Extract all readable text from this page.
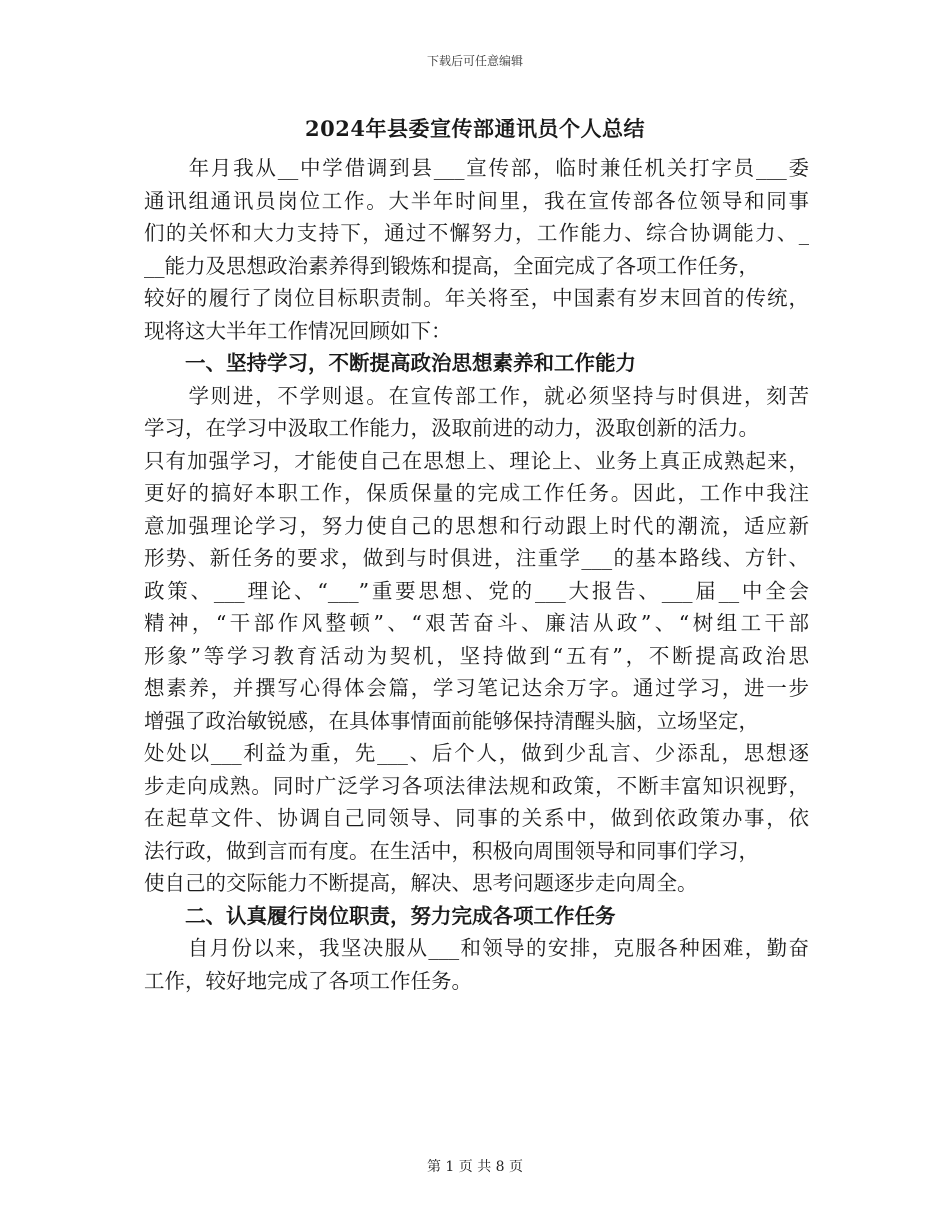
下载后可任意编辑
2024年县委宣传部通讯员个人总结
　　年月我从__中学借调到县___宣传部，临时兼任机关打字员___委
通讯组通讯员岗位工作。大半年时间里，我在宣传部各位领导和同事
们的关怀和大力支持下，通过不懈努力，工作能力、综合协调能力、_
__能力及思想政治素养得到锻炼和提高，全面完成了各项工作任务，
较好的履行了岗位目标职责制。年关将至，中国素有岁末回首的传统，
现将这大半年工作情况回顾如下：
　　一、坚持学习，不断提高政治思想素养和工作能力
　　学则进，不学则退。在宣传部工作，就必须坚持与时俱进，刻苦
学习，在学习中汲取工作能力，汲取前进的动力，汲取创新的活力。
只有加强学习，才能使自己在思想上、理论上、业务上真正成熟起来，
更好的搞好本职工作，保质保量的完成工作任务。因此，工作中我注
意加强理论学习，努力使自己的思想和行动跟上时代的潮流，适应新
形势、新任务的要求，做到与时俱进，注重学___的基本路线、方针、
政策、___理论、“___”重要思想、党的___大报告、___届__中全会
精神，“干部作风整顿”、“艰苦奋斗、廉洁从政”、“树组工干部
形象”等学习教育活动为契机，坚持做到“五有”，不断提高政治思
想素养，并撰写心得体会篇，学习笔记达余万字。通过学习，进一步
增强了政治敏锐感，在具体事情面前能够保持清醒头脑，立场坚定，
处处以___利益为重，先___、后个人，做到少乱言、少添乱，思想逐
步走向成熟。同时广泛学习各项法律法规和政策，不断丰富知识视野，
在起草文件、协调自己同领导、同事的关系中，做到依政策办事，依
法行政，做到言而有度。在生活中，积极向周围领导和同事们学习，
使自己的交际能力不断提高，解决、思考问题逐步走向周全。
　　二、认真履行岗位职责，努力完成各项工作任务
　　自月份以来，我坚决服从___和领导的安排，克服各种困难，勤奋
工作，较好地完成了各项工作任务。
第 1 页 共 8 页
